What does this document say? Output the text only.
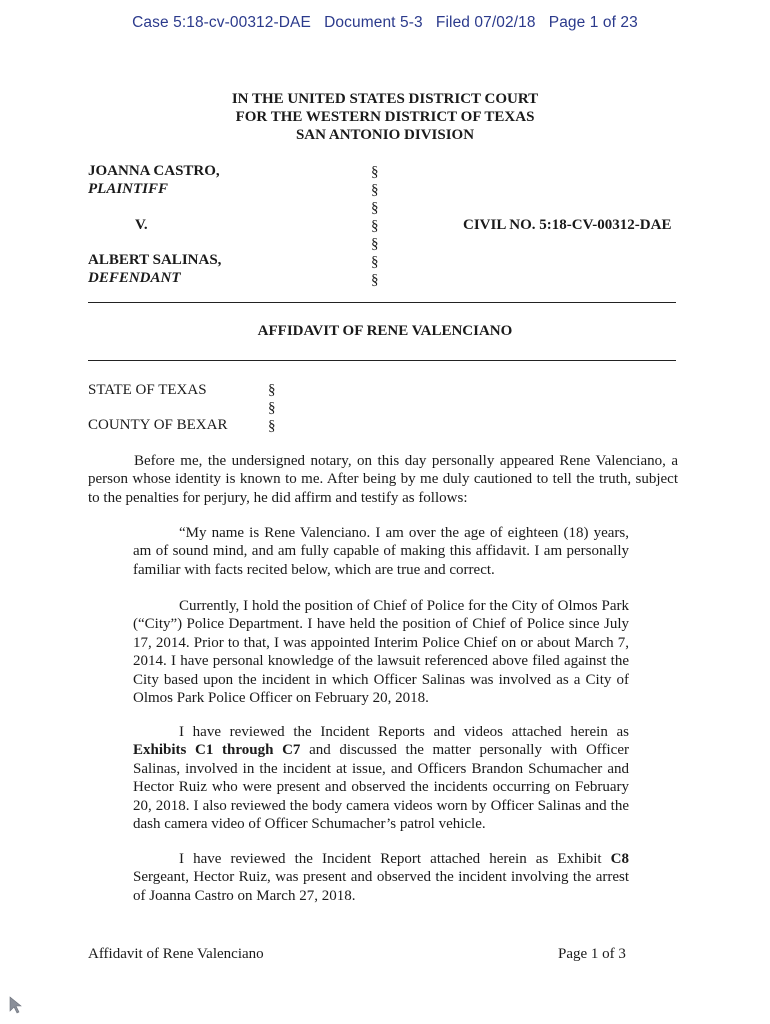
Case 5:18-cv-00312-DAE   Document 5-3   Filed 07/02/18   Page 1 of 23
IN THE UNITED STATES DISTRICT COURT
FOR THE WESTERN DISTRICT OF TEXAS
SAN ANTONIO DIVISION
JOANNA CASTRO,
PLAINTIFF
V.
ALBERT SALINAS,
DEFENDANT
§
§
§
§
§
§
§
CIVIL NO. 5:18-CV-00312-DAE
AFFIDAVIT OF RENE VALENCIANO
STATE OF TEXAS
COUNTY OF BEXAR
§
§
§
Before me, the undersigned notary, on this day personally appeared Rene Valenciano, a person whose identity is known to me. After being by me duly cautioned to tell the truth, subject to the penalties for perjury, he did affirm and testify as follows:
“My name is Rene Valenciano. I am over the age of eighteen (18) years, am of sound mind, and am fully capable of making this affidavit. I am personally familiar with facts recited below, which are true and correct.
Currently, I hold the position of Chief of Police for the City of Olmos Park (“City”) Police Department. I have held the position of Chief of Police since July 17, 2014. Prior to that, I was appointed Interim Police Chief on or about March 7, 2014. I have personal knowledge of the lawsuit referenced above filed against the City based upon the incident in which Officer Salinas was involved as a City of Olmos Park Police Officer on February 20, 2018.
I have reviewed the Incident Reports and videos attached herein as Exhibits C1 through C7 and discussed the matter personally with Officer Salinas, involved in the incident at issue, and Officers Brandon Schumacher and Hector Ruiz who were present and observed the incidents occurring on February 20, 2018. I also reviewed the body camera videos worn by Officer Salinas and the dash camera video of Officer Schumacher’s patrol vehicle.
I have reviewed the Incident Report attached herein as Exhibit C8 Sergeant, Hector Ruiz, was present and observed the incident involving the arrest of Joanna Castro on March 27, 2018.
Affidavit of Rene Valenciano	Page 1 of 3
